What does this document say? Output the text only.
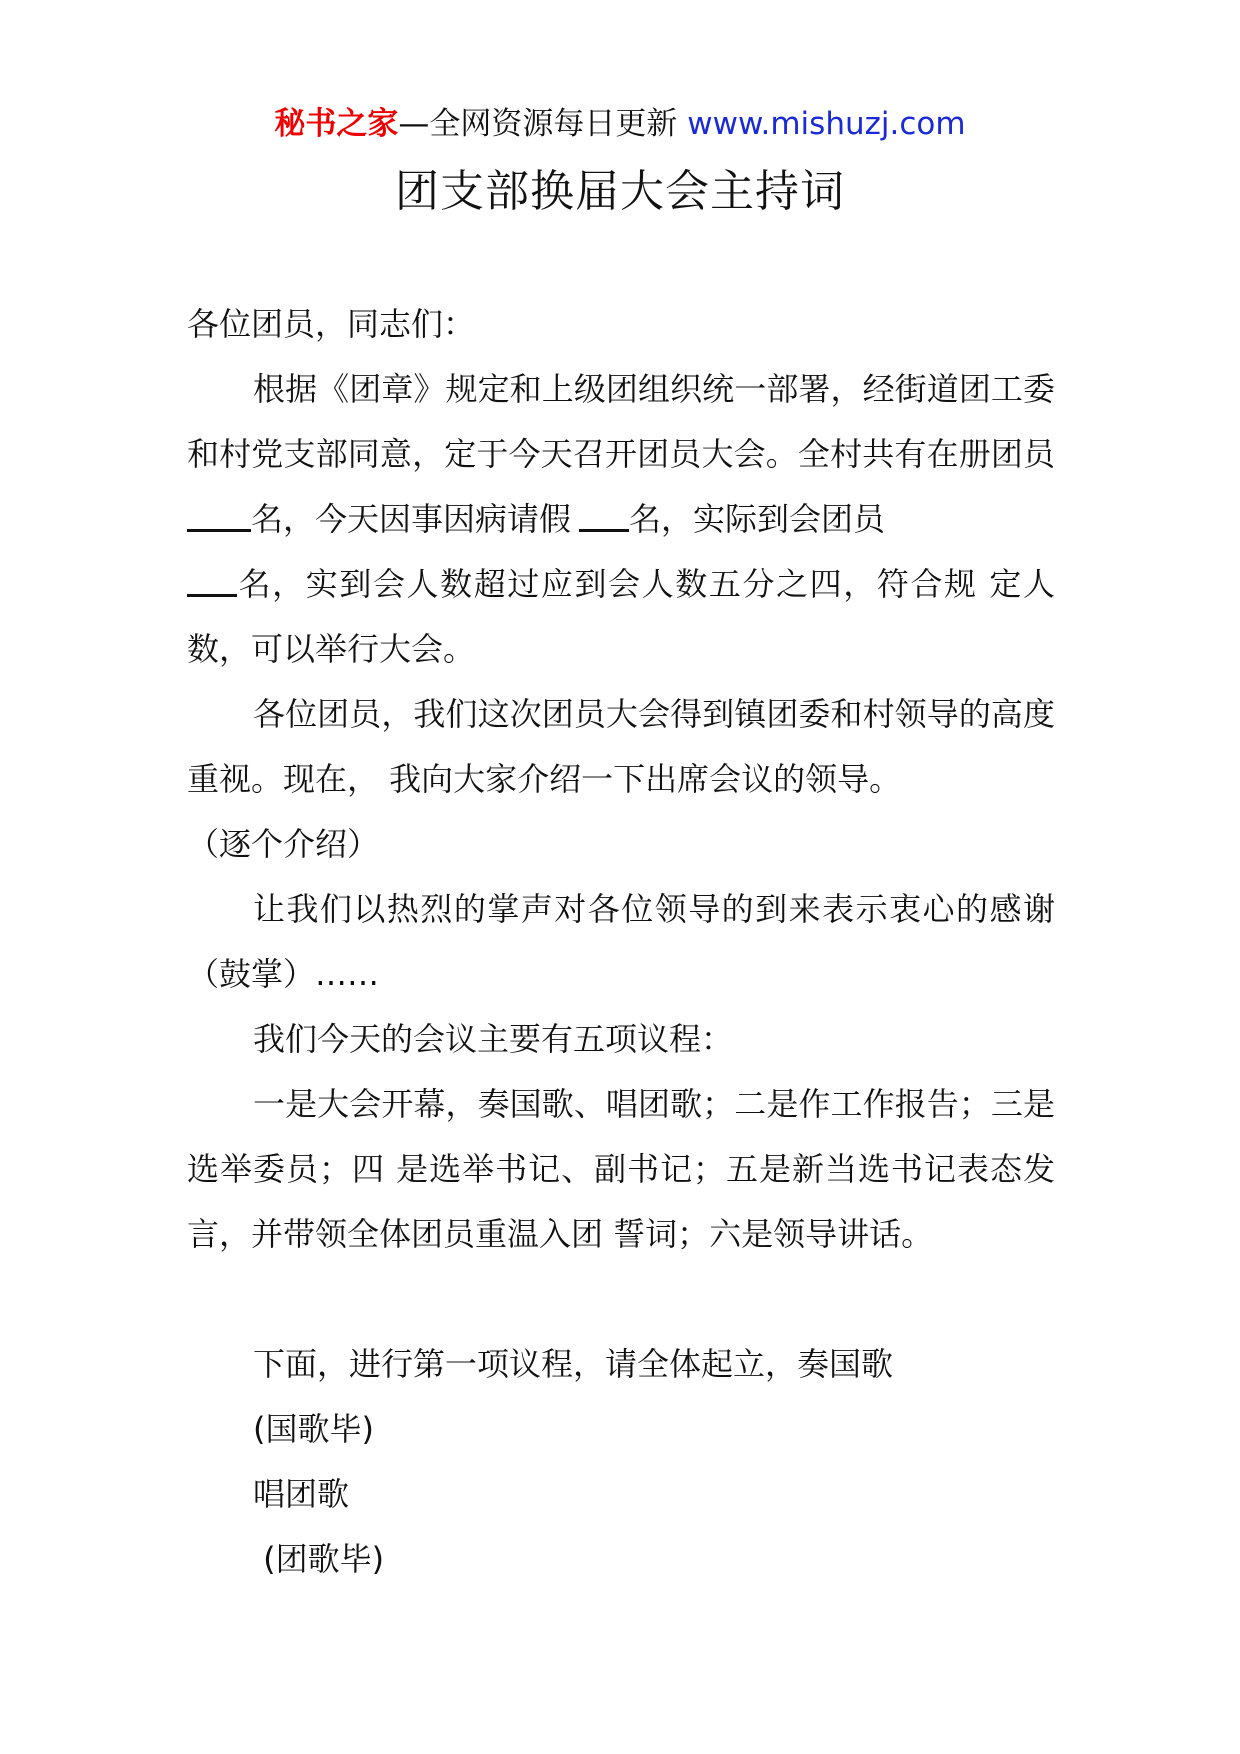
秘书之家—全网资源每日更新 www.mishuzj.com
团支部换届大会主持词

各位团员，同志们：

根据《团章》规定和上级团组织统一部署，经街道团工委和村党支部同意，定于今天召开团员大会。全村共有在册团员名，今天因事因病请假 名，实际到会团员
名，实到会人数超过应到会人数五分之四，符合规 定人数，可以举行大会。

各位团员，我们这次团员大会得到镇团委和村领导的高度重视。现在， 我向大家介绍一下出席会议的领导。

（逐个介绍）

让我们以热烈的掌声对各位领导的到来表示衷心的感谢（鼓掌）……

我们今天的会议主要有五项议程：

一是大会开幕，奏国歌、唱团歌；二是作工作报告；三是选举委员；四 是选举书记、副书记；五是新当选书记表态发言，并带领全体团员重温入团 誓词；六是领导讲话。

下面，进行第一项议程，请全体起立，奏国歌

(国歌毕)

唱团歌

(团歌毕)
